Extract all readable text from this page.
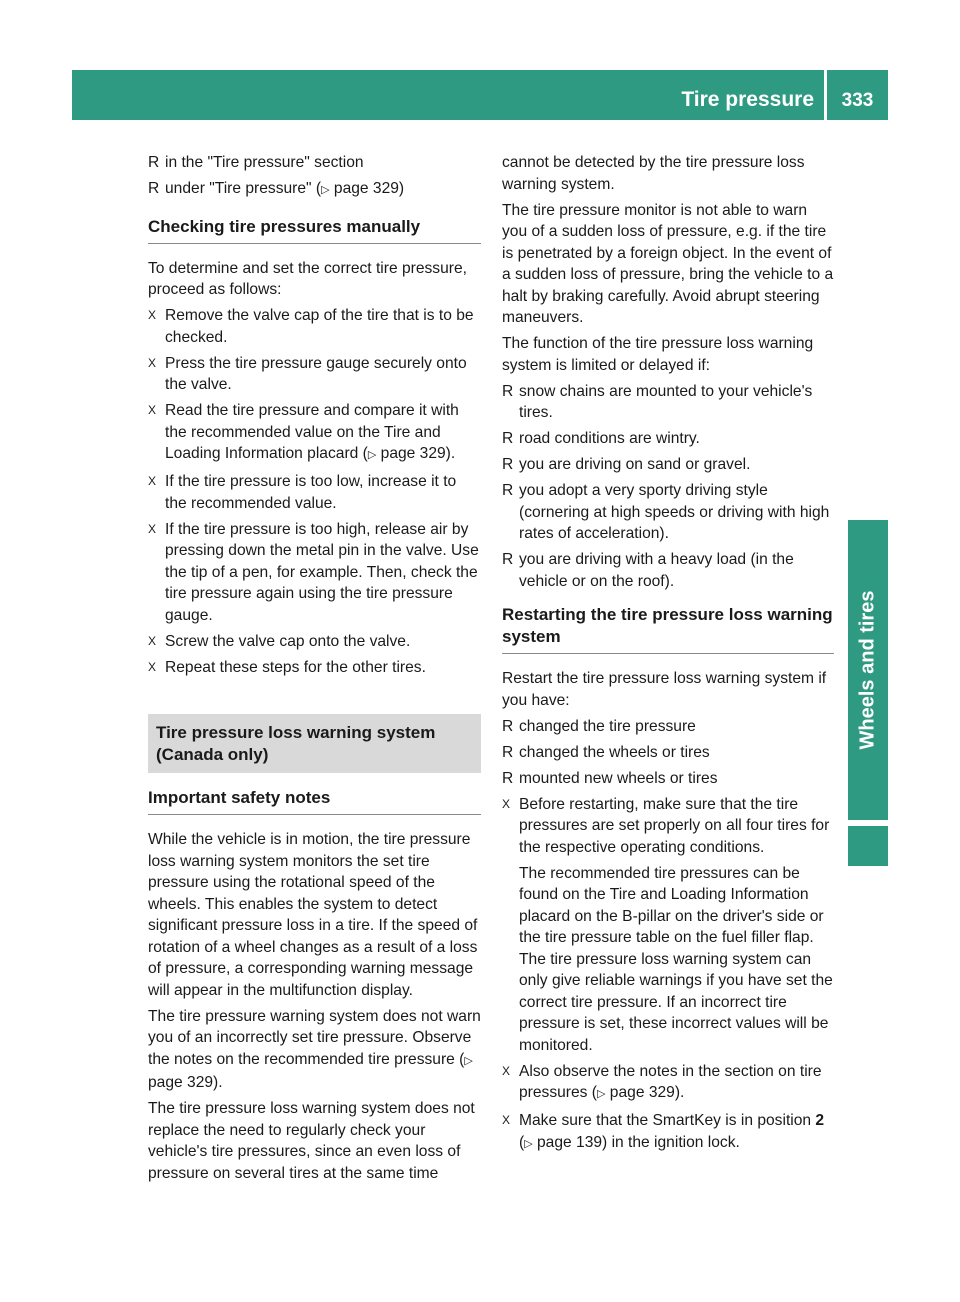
Tire pressure	333
Wheels and tires
R in the "Tire pressure" section
R under "Tire pressure" (▷ page 329)
Checking tire pressures manually

To determine and set the correct tire pressure, proceed as follows:

X Remove the valve cap of the tire that is to be checked.
X Press the tire pressure gauge securely onto the valve.
X Read the tire pressure and compare it with the recommended value on the Tire and Loading Information placard (▷ page 329).
X If the tire pressure is too low, increase it to the recommended value.
X If the tire pressure is too high, release air by pressing down the metal pin in the valve. Use the tip of a pen, for example. Then, check the tire pressure again using the tire pressure gauge.
X Screw the valve cap onto the valve.
X Repeat these steps for the other tires.
Tire pressure loss warning system (Canada only)
Important safety notes

While the vehicle is in motion, the tire pressure loss warning system monitors the set tire pressure using the rotational speed of the wheels. This enables the system to detect significant pressure loss in a tire. If the speed of rotation of a wheel changes as a result of a loss of pressure, a corresponding warning message will appear in the multifunction display.

The tire pressure warning system does not warn you of an incorrectly set tire pressure. Observe the notes on the recommended tire pressure (▷ page 329).

The tire pressure loss warning system does not replace the need to regularly check your vehicle's tire pressures, since an even loss of pressure on several tires at the same time

cannot be detected by the tire pressure loss warning system.

The tire pressure monitor is not able to warn you of a sudden loss of pressure, e.g. if the tire is penetrated by a foreign object. In the event of a sudden loss of pressure, bring the vehicle to a halt by braking carefully. Avoid abrupt steering maneuvers.

The function of the tire pressure loss warning system is limited or delayed if:

R snow chains are mounted to your vehicle's tires.
R road conditions are wintry.
R you are driving on sand or gravel.
R you adopt a very sporty driving style (cornering at high speeds or driving with high rates of acceleration).
R you are driving with a heavy load (in the vehicle or on the roof).
Restarting the tire pressure loss warning system

Restart the tire pressure loss warning system if you have:

R changed the tire pressure
R changed the wheels or tires
R mounted new wheels or tires
X Before restarting, make sure that the tire pressures are set properly on all four tires for the respective operating conditions.
The recommended tire pressures can be found on the Tire and Loading Information placard on the B-pillar on the driver's side or the tire pressure table on the fuel filler flap. The tire pressure loss warning system can only give reliable warnings if you have set the correct tire pressure. If an incorrect tire pressure is set, these incorrect values will be monitored.
X Also observe the notes in the section on tire pressures (▷ page 329).
X Make sure that the SmartKey is in position 2 (▷ page 139) in the ignition lock.
